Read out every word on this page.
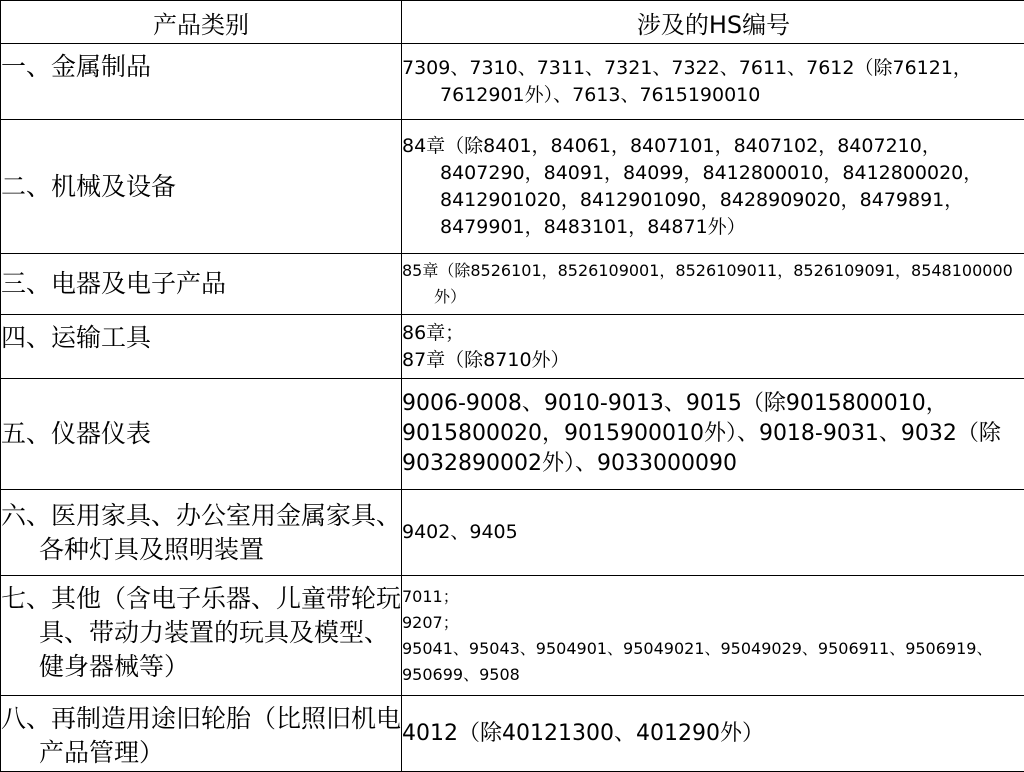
产品类别	涉及的HS编号
一、金属制品	7309、7310、7311、7321、7322、7611、7612（除76121，7612901外）、7613、7615190010

二、机械及设备	84章（除8401，84061，8407101，8407102，8407210，8407290，84091，84099，8412800010，8412800020，8412901020，8412901090，8428909020，8479891，8479901，8483101，84871外）

三、电器及电子产品	85章（除8526101，8526109001，8526109011，8526109091，8548100000外）

四、运输工具	86章；
87章（除8710外）

五、仪器仪表	9006-9008、9010-9013、9015（除9015800010，9015800020，9015900010外）、9018-9031、9032（除9032890002外）、9033000090

六、医用家具、办公室用金属家具、各种灯具及照明装置	9402、9405

七、其他（含电子乐器、儿童带轮玩具、带动力装置的玩具及模型、健身器械等）	7011；
9207；
95041、95043、9504901、95049021、95049029、9506911、9506919、950699、9508

八、再制造用途旧轮胎（比照旧机电产品管理）	4012（除40121300、401290外）
